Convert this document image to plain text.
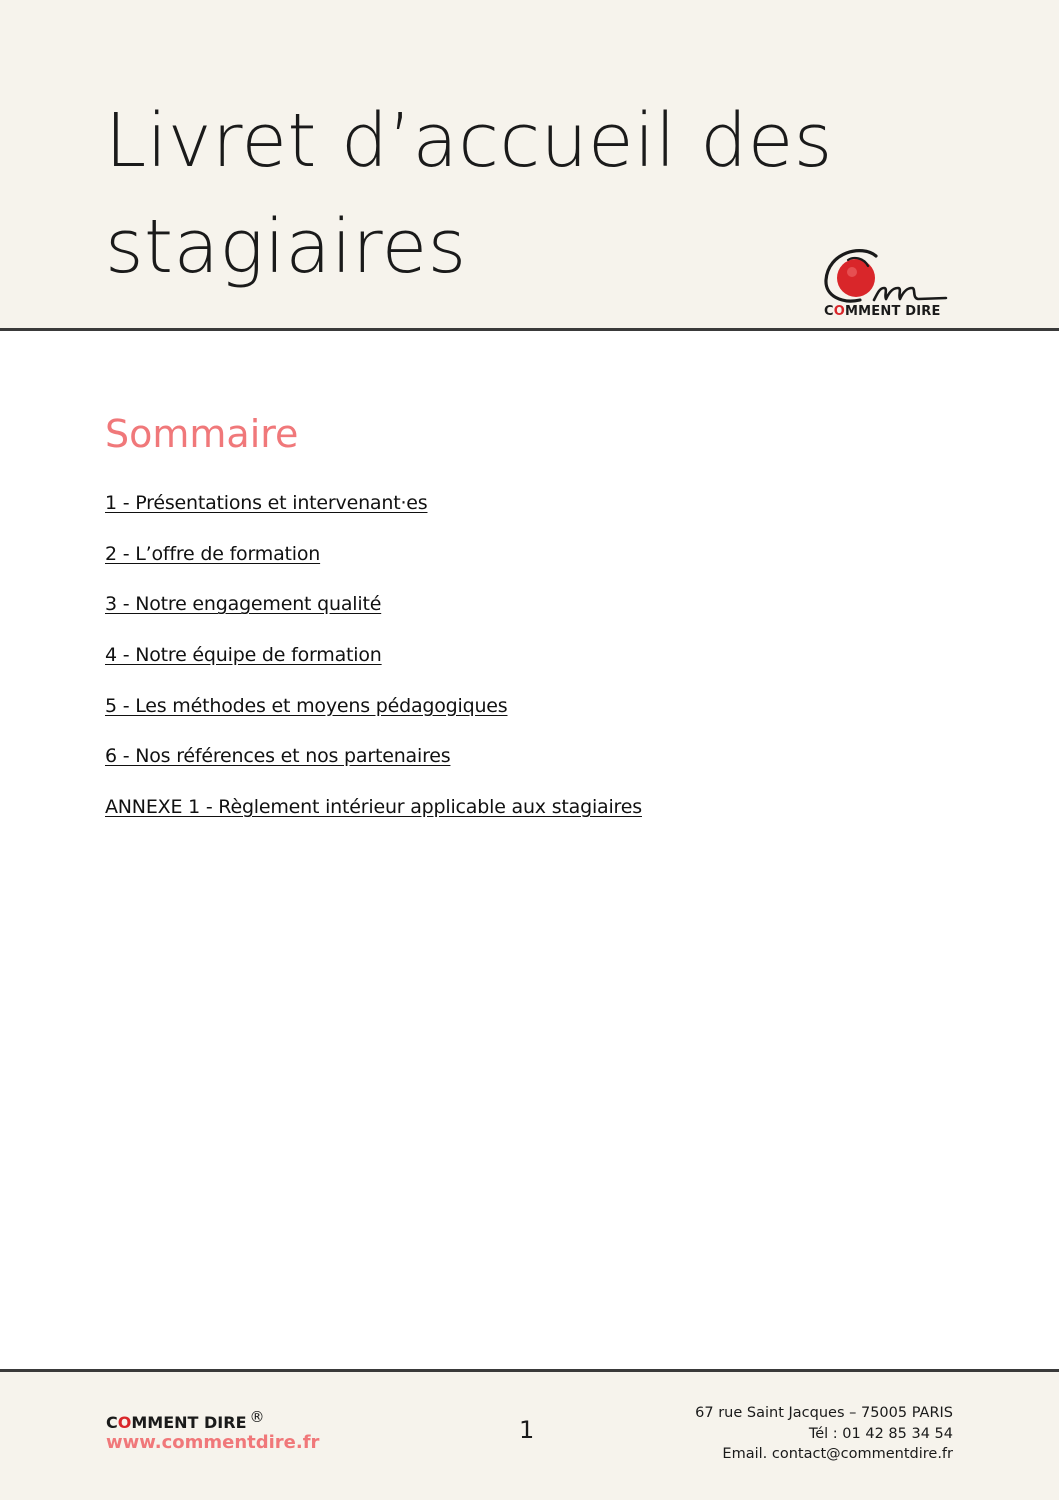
Livret d’accueil des stagiaires
COMMENT DIRE
Sommaire
1 - Présentations et intervenant·es
2 - L’offre de formation
3 - Notre engagement qualité
4 - Notre équipe de formation
5 - Les méthodes et moyens pédagogiques
6 - Nos références et nos partenaires
ANNEXE 1 - Règlement intérieur applicable aux stagiaires
COMMENT DIRE ®
www.commentdire.fr	1
67 rue Saint Jacques – 75005 PARIS
Tél : 01 42 85 34 54
Email. contact@commentdire.fr
